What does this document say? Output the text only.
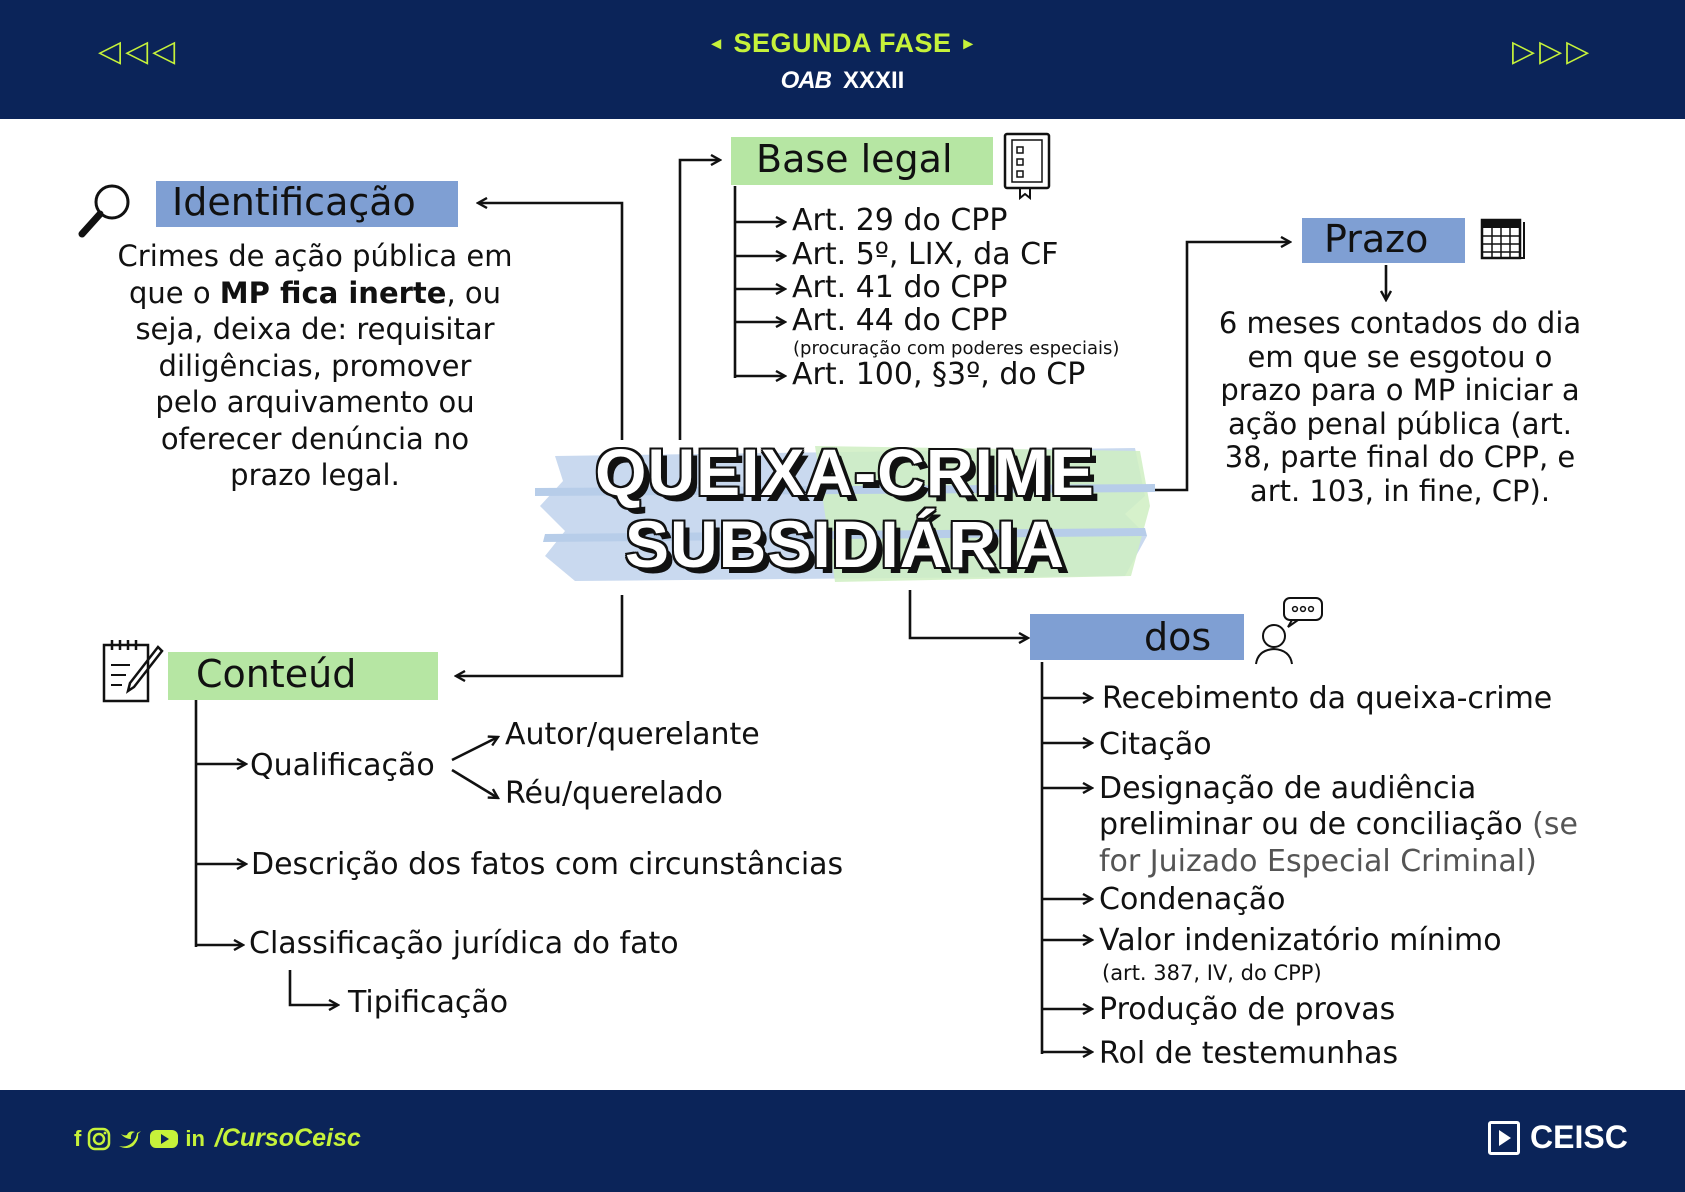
◁◁◁	◂ SEGUNDA FASE ▸
OAB XXXII
▷▷▷
QUEIXA-CRIME
SUBSIDIÁRIA
Identificação
Crimes de ação pública em
que o MP fica inerte, ou
seja, deixa de: requisitar
diligências, promover
pelo arquivamento ou
oferecer denúncia no
prazo legal.
Base legal
Art. 29 do CPP
Art. 5º, LIX, da CF
Art. 41 do CPP
Art. 44 do CPP
(procuração com poderes especiais)
Art. 100, §3º, do CP
Prazo
6 meses contados do dia
em que se esgotou o
prazo para o MP iniciar a
ação penal pública (art.
38, parte final do CPP, e
art. 103, in fine, CP).
Conteúd
Qualificação
Autor/querelante
Réu/querelado
Descrição dos fatos com circunstâncias
Classificação jurídica do fato
Tipificação
dos
Recebimento da queixa-crime
Citação
Designação de audiência
preliminar ou de conciliação (se
for Juizado Especial Criminal)
Condenação
Valor indenizatório mínimo
(art. 387, IV, do CPP)
Produção de provas
Rol de testemunhas
f	in /CursoCeisc	CEISC
